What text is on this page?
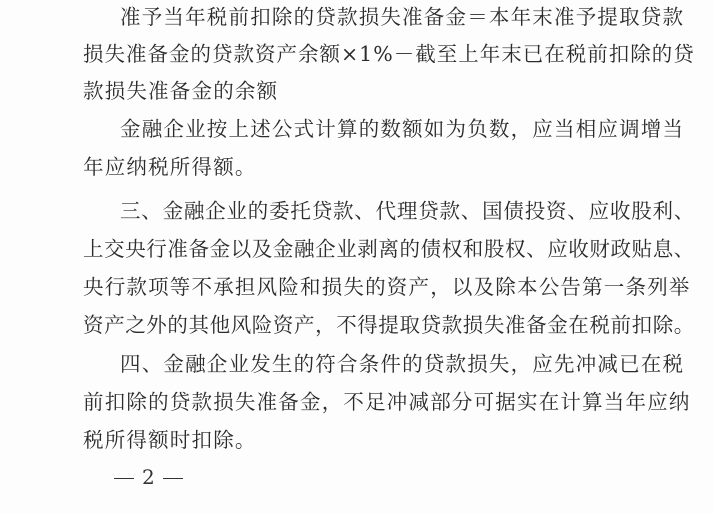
准予当年税前扣除的贷款损失准备金＝本年末准予提取贷款
损失准备金的贷款资产余额×1%－截至上年末已在税前扣除的贷
款损失准备金的余额
金融企业按上述公式计算的数额如为负数，应当相应调增当
年应纳税所得额。
三、金融企业的委托贷款、代理贷款、国债投资、应收股利、
上交央行准备金以及金融企业剥离的债权和股权、应收财政贴息、
央行款项等不承担风险和损失的资产，以及除本公告第一条列举
资产之外的其他风险资产，不得提取贷款损失准备金在税前扣除。
四、金融企业发生的符合条件的贷款损失，应先冲减已在税
前扣除的贷款损失准备金，不足冲减部分可据实在计算当年应纳
税所得额时扣除。
2
